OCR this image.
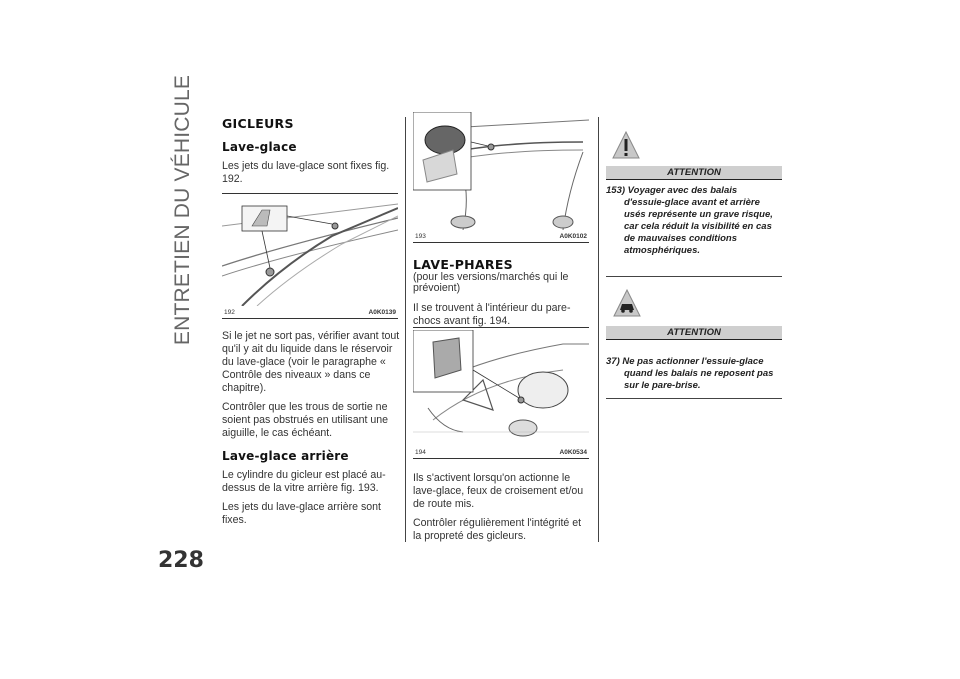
ENTRETIEN DU VÉHICULE
228
GICLEURS
Lave-glace

Les jets du lave-glace sont fixes fig. 192.

192	A0K0139

Si le jet ne sort pas, vérifier avant tout qu'il y ait du liquide dans le réservoir du lave-glace (voir le paragraphe « Contrôle des niveaux » dans ce chapitre).

Contrôler que les trous de sortie ne soient pas obstrués en utilisant une aiguille, le cas échéant.

Lave-glace arrière

Le cylindre du gicleur est placé au-dessus de la vitre arrière fig. 193.

Les jets du lave-glace arrière sont fixes.

193	A0K0102
LAVE-PHARES

(pour les versions/marchés qui le prévoient)

Il se trouvent à l'intérieur du pare-chocs avant fig. 194.

194	A0K0534

Ils s'activent lorsqu'on actionne le lave-glace, feux de croisement et/ou de route mis.

Contrôler régulièrement l'intégrité et la propreté des gicleurs.

ATTENTION
153) Voyager avec des balais d'essuie-glace avant et arrière usés représente un grave risque, car cela réduit la visibilité en cas de mauvaises conditions atmosphériques.
ATTENTION
37) Ne pas actionner l'essuie-glace quand les balais ne reposent pas sur le pare-brise.
